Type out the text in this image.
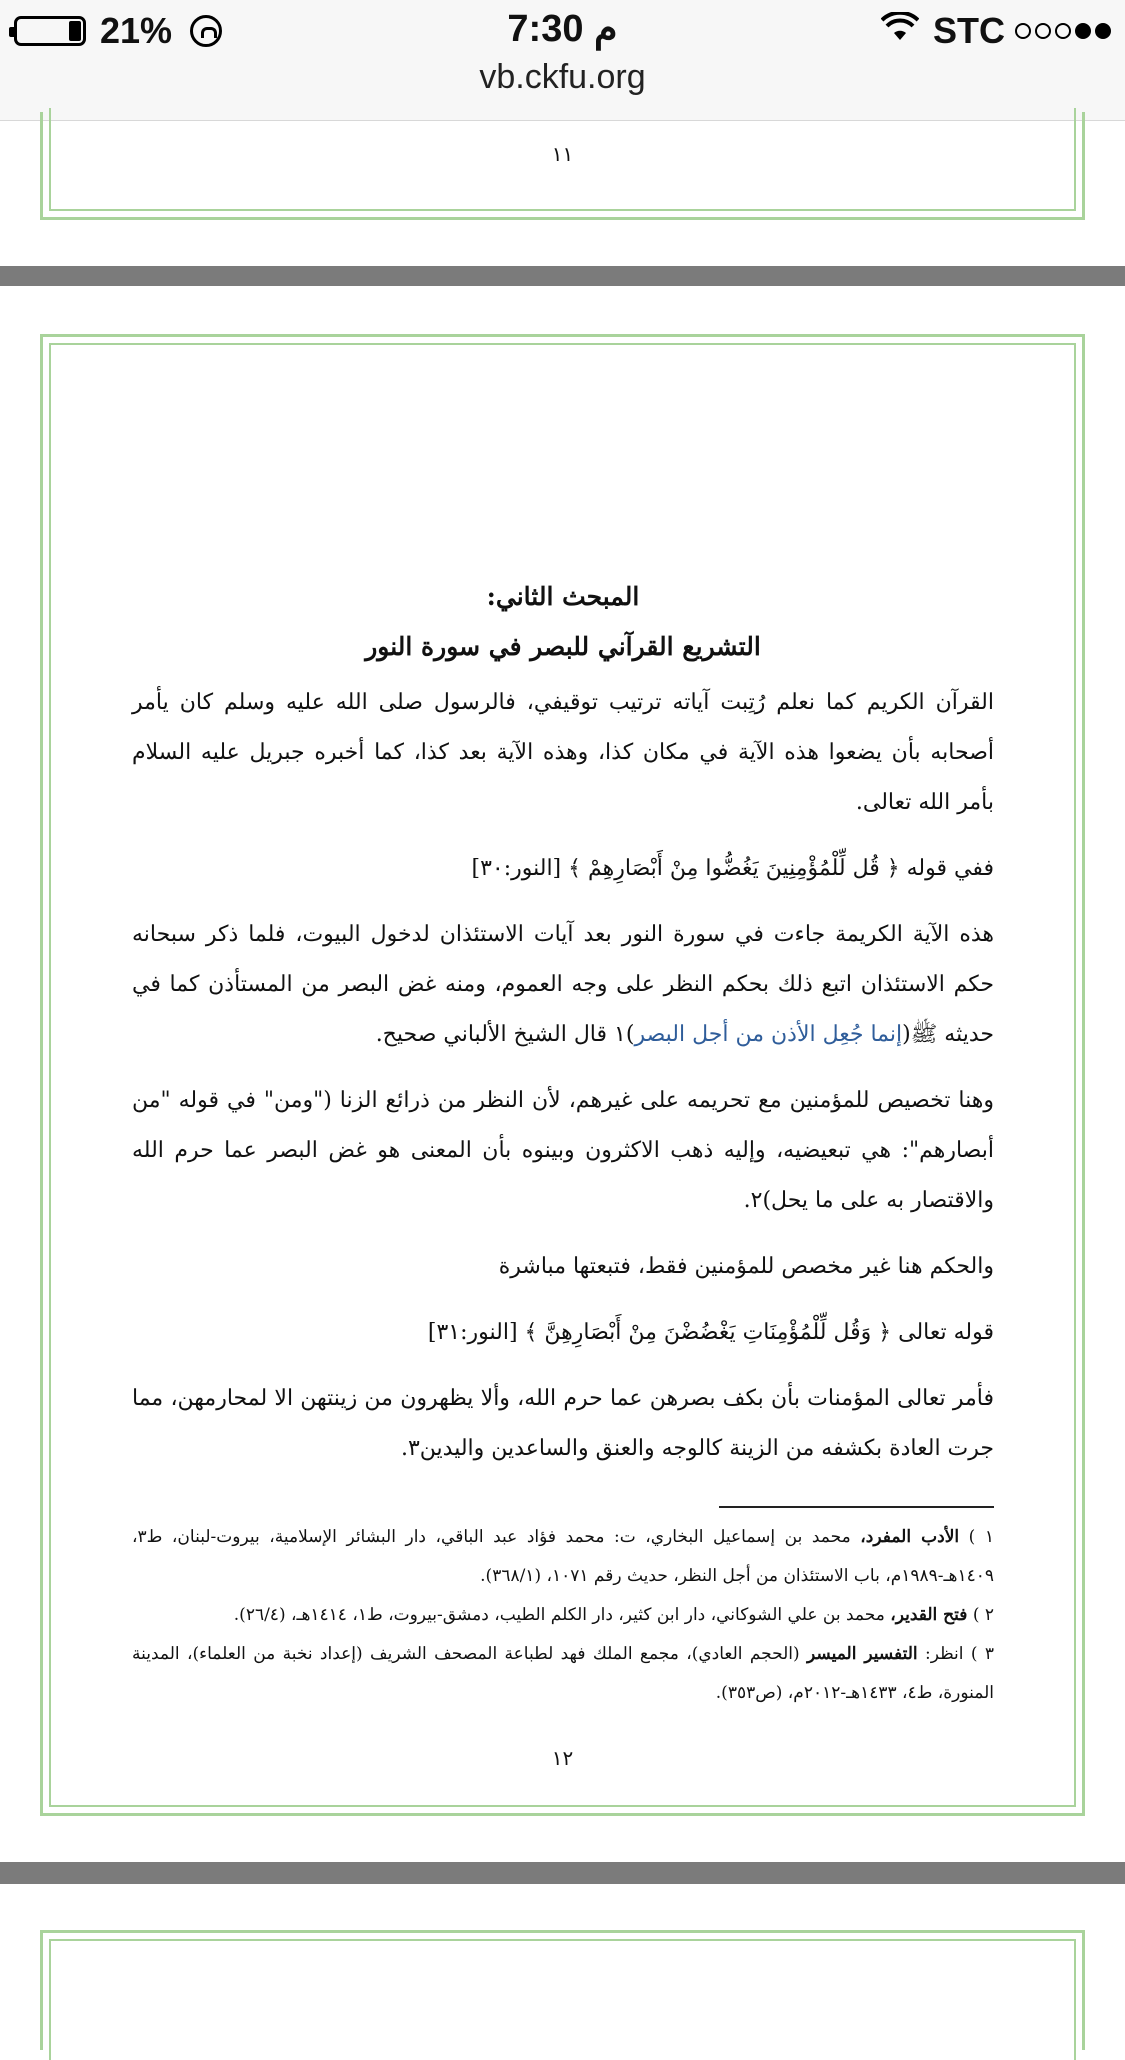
21%	7:30 م	STC
vb.ckfu.org
١١
١٢
المبحث الثاني:
التشريع القرآني للبصر في سورة النور

القرآن الكريم كما نعلم رُتِبت آياته ترتيب توقيفي، فالرسول صلى الله عليه وسلم كان يأمر أصحابه بأن يضعوا هذه الآية في مكان كذا، وهذه الآية بعد كذا، كما أخبره جبريل عليه السلام بأمر الله تعالى.

ففي قوله ﴿ قُل لِّلْمُؤْمِنِينَ يَغُضُّوا مِنْ أَبْصَارِهِمْ ﴾ [النور:٣٠]

هذه الآية الكريمة جاءت في سورة النور بعد آيات الاستئذان لدخول البيوت، فلما ذكر سبحانه حكم الاستئذان اتبع ذلك بحكم النظر على وجه العموم، ومنه غض البصر من المستأذن كما في حديثه ﷺ(إنما جُعِل الأذن من أجل البصر)١ قال الشيخ الألباني صحيح.

وهنا تخصيص للمؤمنين مع تحريمه على غيرهم، لأن النظر من ذرائع الزنا ("ومن" في قوله "من أبصارهم": هي تبعيضيه، وإليه ذهب الاكثرون وبينوه بأن المعنى هو غض البصر عما حرم الله والاقتصار به على ما يحل)٢.

والحكم هنا غير مخصص للمؤمنين فقط، فتبعتها مباشرة

قوله تعالى ﴿ وَقُل لِّلْمُؤْمِنَاتِ يَغْضُضْنَ مِنْ أَبْصَارِهِنَّ ﴾ [النور:٣١]

فأمر تعالى المؤمنات بأن بكف بصرهن عما حرم الله، وألا يظهرون من زينتهن الا لمحارمهن، مما جرت العادة بكشفه من الزينة كالوجه والعنق والساعدين واليدين٣.

١ ) الأدب المفرد، محمد بن إسماعيل البخاري، ت: محمد فؤاد عبد الباقي، دار البشائر الإسلامية، بيروت-لبنان، ط٣، ١٤٠٩هـ-١٩٨٩م، باب الاستئذان من أجل النظر، حديث رقم ١٠٧١، (٣٦٨/١).
٢ ) فتح القدير، محمد بن علي الشوكاني، دار ابن كثير، دار الكلم الطيب، دمشق-بيروت، ط١، ١٤١٤هـ، (٢٦/٤).
٣ ) انظر: التفسير الميسر (الحجم العادي)، مجمع الملك فهد لطباعة المصحف الشريف (إعداد نخبة من العلماء)، المدينة المنورة، ط٤، ١٤٣٣هـ-٢٠١٢م، (ص٣٥٣).
